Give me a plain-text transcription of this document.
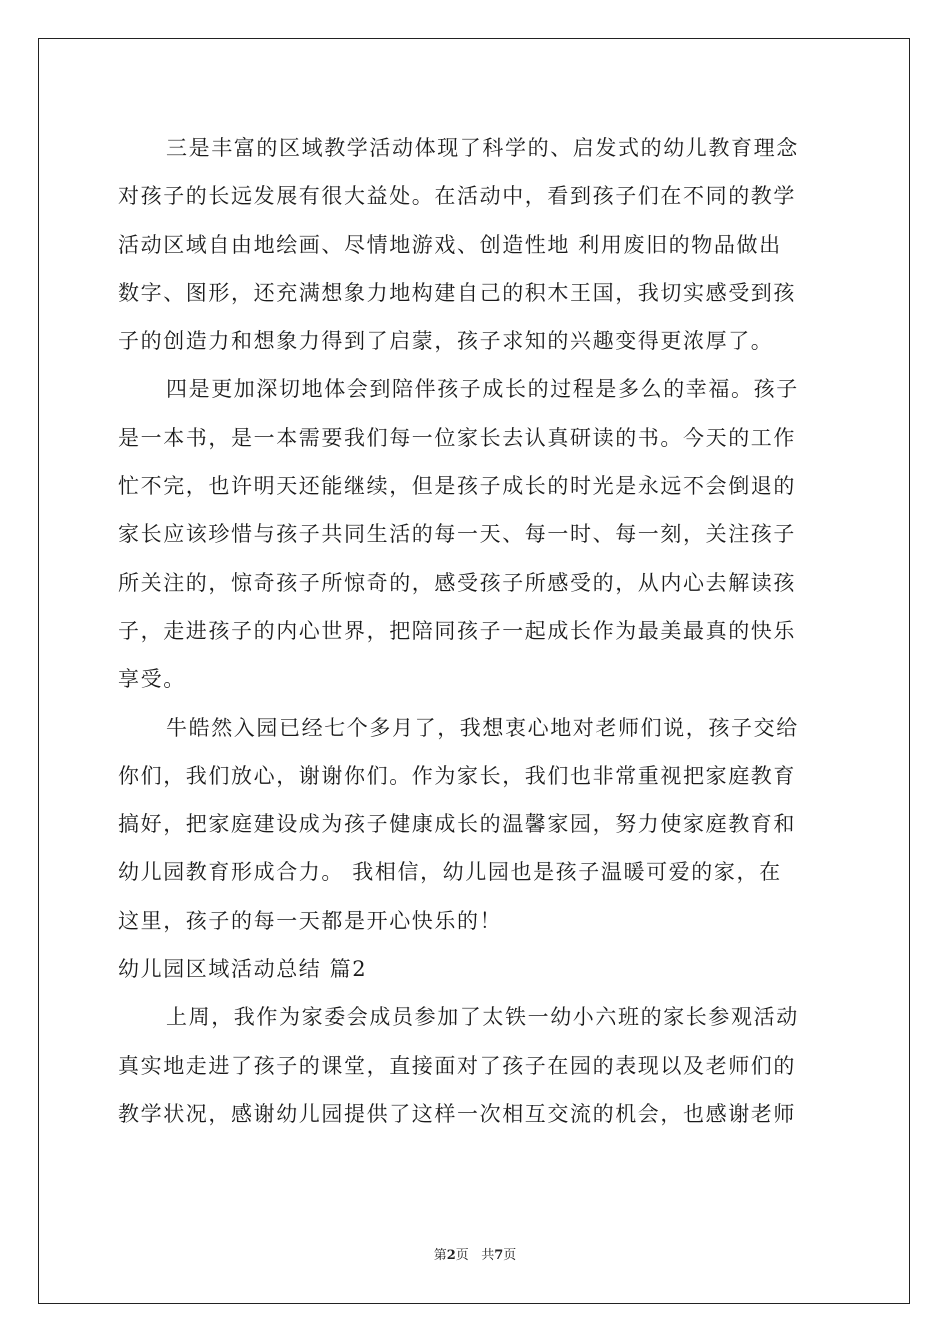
三是丰富的区域教学活动体现了科学的、启发式的幼儿教育理念
对孩子的长远发展有很大益处。在活动中，看到孩子们在不同的教学
活动区域自由地绘画、尽情地游戏、创造性地 利用废旧的物品做出
数字、图形，还充满想象力地构建自己的积木王国，我切实感受到孩
子的创造力和想象力得到了启蒙，孩子求知的兴趣变得更浓厚了。
四是更加深切地体会到陪伴孩子成长的过程是多么的幸福。孩子
是一本书，是一本需要我们每一位家长去认真研读的书。今天的工作
忙不完，也许明天还能继续，但是孩子成长的时光是永远不会倒退的
家长应该珍惜与孩子共同生活的每一天、每一时、每一刻，关注孩子
所关注的，惊奇孩子所惊奇的，感受孩子所感受的，从内心去解读孩
子，走进孩子的内心世界，把陪同孩子一起成长作为最美最真的快乐
享受。
牛皓然入园已经七个多月了，我想衷心地对老师们说，孩子交给
你们，我们放心，谢谢你们。作为家长，我们也非常重视把家庭教育
搞好，把家庭建设成为孩子健康成长的温馨家园，努力使家庭教育和
幼儿园教育形成合力。 我相信，幼儿园也是孩子温暖可爱的家，在
这里，孩子的每一天都是开心快乐的！
幼儿园区域活动总结 篇2
上周，我作为家委会成员参加了太铁一幼小六班的家长参观活动
真实地走进了孩子的课堂，直接面对了孩子在园的表现以及老师们的
教学状况，感谢幼儿园提供了这样一次相互交流的机会，也感谢老师
第2页 共7页
